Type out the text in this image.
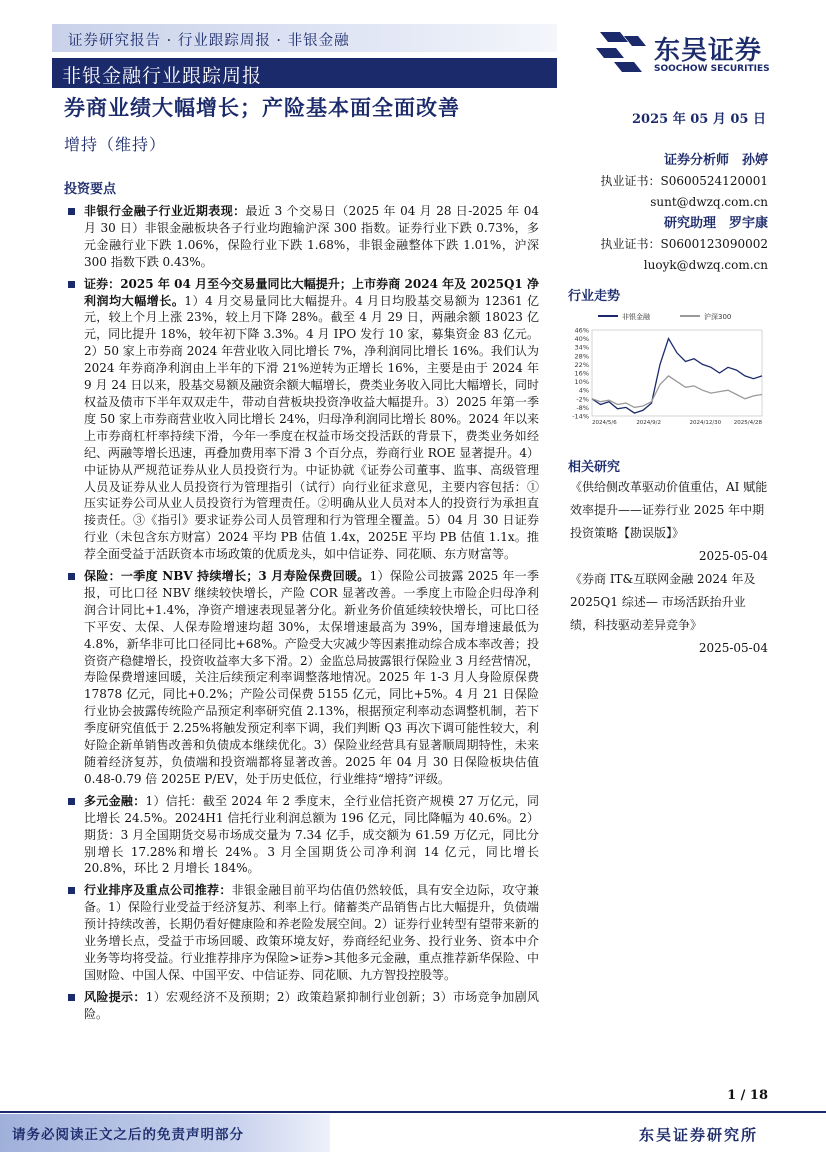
证券研究报告 · 行业跟踪周报 · 非银金融
非银金融行业跟踪周报
东吴证券
SOOCHOW SECURITIES
券商业绩大幅增长；产险基本面全面改善	2025 年 05 月 05 日
增持（维持）
证券分析师　孙婷
执业证书：S0600524120001
sunt@dwzq.com.cn
研究助理　罗宇康
执业证书：S0600123090002
luoyk@dwzq.com.cn
投资要点
非银行金融子行业近期表现：最近 3 个交易日（2025 年 04 月 28 日-2025 年 04 月 30 日）非银金融板块各子行业均跑输沪深 300 指数。证券行业下跌 0.73%，多元金融行业下跌 1.06%，保险行业下跌 1.68%，非银金融整体下跌 1.01%，沪深 300 指数下跌 0.43%。
证券：2025 年 04 月至今交易量同比大幅提升；上市券商 2024 年及 2025Q1 净利润均大幅增长。1）4 月交易量同比大幅提升。4 月日均股基交易额为 12361 亿元，较上个月上涨 23%，较上月下降 28%。截至 4 月 29 日，两融余额 18023 亿元，同比提升 18%，较年初下降 3.3%。4 月 IPO 发行 10 家，募集资金 83 亿元。2）50 家上市券商 2024 年营业收入同比增长 7%，净利润同比增长 16%。我们认为 2024 年券商净利润由上半年的下滑 21%逆转为正增长 16%，主要是由于 2024 年 9 月 24 日以来，股基交易额及融资余额大幅增长，费类业务收入同比大幅增长，同时权益及债市下半年双双走牛，带动自营板块投资净收益大幅提升。3）2025 年第一季度 50 家上市券商营业收入同比增长 24%，归母净利润同比增长 80%。2024 年以来上市券商杠杆率持续下滑，今年一季度在权益市场交投活跃的背景下，费类业务如经纪、两融等增长迅速，再叠加费用率下滑 3 个百分点，券商行业 ROE 显著提升。4）中证协从严规范证券从业人员投资行为。中证协就《证券公司董事、监事、高级管理人员及证券从业人员投资行为管理指引（试行）向行业征求意见，主要内容包括：①压实证券公司从业人员投资行为管理责任。②明确从业人员对本人的投资行为承担直接责任。③《指引》要求证券公司人员管理和行为管理全覆盖。5）04 月 30 日证券行业（未包含东方财富）2024 平均 PB 估值 1.4x，2025E 平均 PB 估值 1.1x。推荐全面受益于活跃资本市场政策的优质龙头，如中信证券、同花顺、东方财富等。
保险：一季度 NBV 持续增长；3 月寿险保费回暖。1）保险公司披露 2025 年一季报，可比口径 NBV 继续较快增长，产险 COR 显著改善。一季度上市险企归母净利润合计同比+1.4%，净资产增速表现显著分化。新业务价值延续较快增长，可比口径下平安、太保、人保寿险增速均超 30%，太保增速最高为 39%，国寿增速最低为 4.8%，新华非可比口径同比+68%。产险受大灾减少等因素推动综合成本率改善；投资资产稳健增长，投资收益率大多下滑。2）金监总局披露银行保险业 3 月经营情况，寿险保费增速回暖，关注后续预定利率调整落地情况。2025 年 1-3 月人身险原保费 17878 亿元，同比+0.2%；产险公司保费 5155 亿元，同比+5%。4 月 21 日保险行业协会披露传统险产品预定利率研究值 2.13%，根据预定利率动态调整机制，若下季度研究值低于 2.25%将触发预定利率下调，我们判断 Q3 再次下调可能性较大，利好险企新单销售改善和负债成本继续优化。3）保险业经营具有显著顺周期特性，未来随着经济复苏，负债端和投资端都将显著改善。2025 年 04 月 30 日保险板块估值 0.48-0.79 倍 2025E P/EV，处于历史低位，行业维持“增持”评级。
多元金融：1）信托：截至 2024 年 2 季度末，全行业信托资产规模 27 万亿元，同比增长 24.5%。2024H1 信托行业利润总额为 196 亿元，同比降幅为 40.6%。2）期货：3 月全国期货交易市场成交量为 7.34 亿手，成交额为 61.59 万亿元，同比分别增长 17.28%和增长 24%。3 月全国期货公司净利润 14 亿元，同比增长 20.8%，环比 2 月增长 184%。
行业排序及重点公司推荐：非银金融目前平均估值仍然较低，具有安全边际，攻守兼备。1）保险行业受益于经济复苏、利率上行。储蓄类产品销售占比大幅提升，负债端预计持续改善，长期仍看好健康险和养老险发展空间。2）证券行业转型有望带来新的业务增长点，受益于市场回暖、政策环境友好，券商经纪业务、投行业务、资本中介业务等均将受益。行业推荐排序为保险>证券>其他多元金融，重点推荐新华保险、中国财险、中国人保、中国平安、中信证券、同花顺、九方智投控股等。
风险提示：1）宏观经济不及预期；2）政策趋紧抑制行业创新；3）市场竞争加剧风险。
行业走势
46%
40%
34%
28%
22%
16%
10%
4%
-2%
-8%
-14%
2024/5/6	2024/9/2	2024/12/30 2025/4/28
非银金融	沪深300
相关研究
《供给侧改革驱动价值重估，AI 赋能效率提升——证券行业 2025 年中期投资策略【勘误版】》
2025-05-04
《券商 IT&互联网金融 2024 年及 2025Q1 综述— 市场活跃抬升业绩，科技驱动差异竞争》
2025-05-04
1 / 18
请务必阅读正文之后的免责声明部分	东吴证券研究所
